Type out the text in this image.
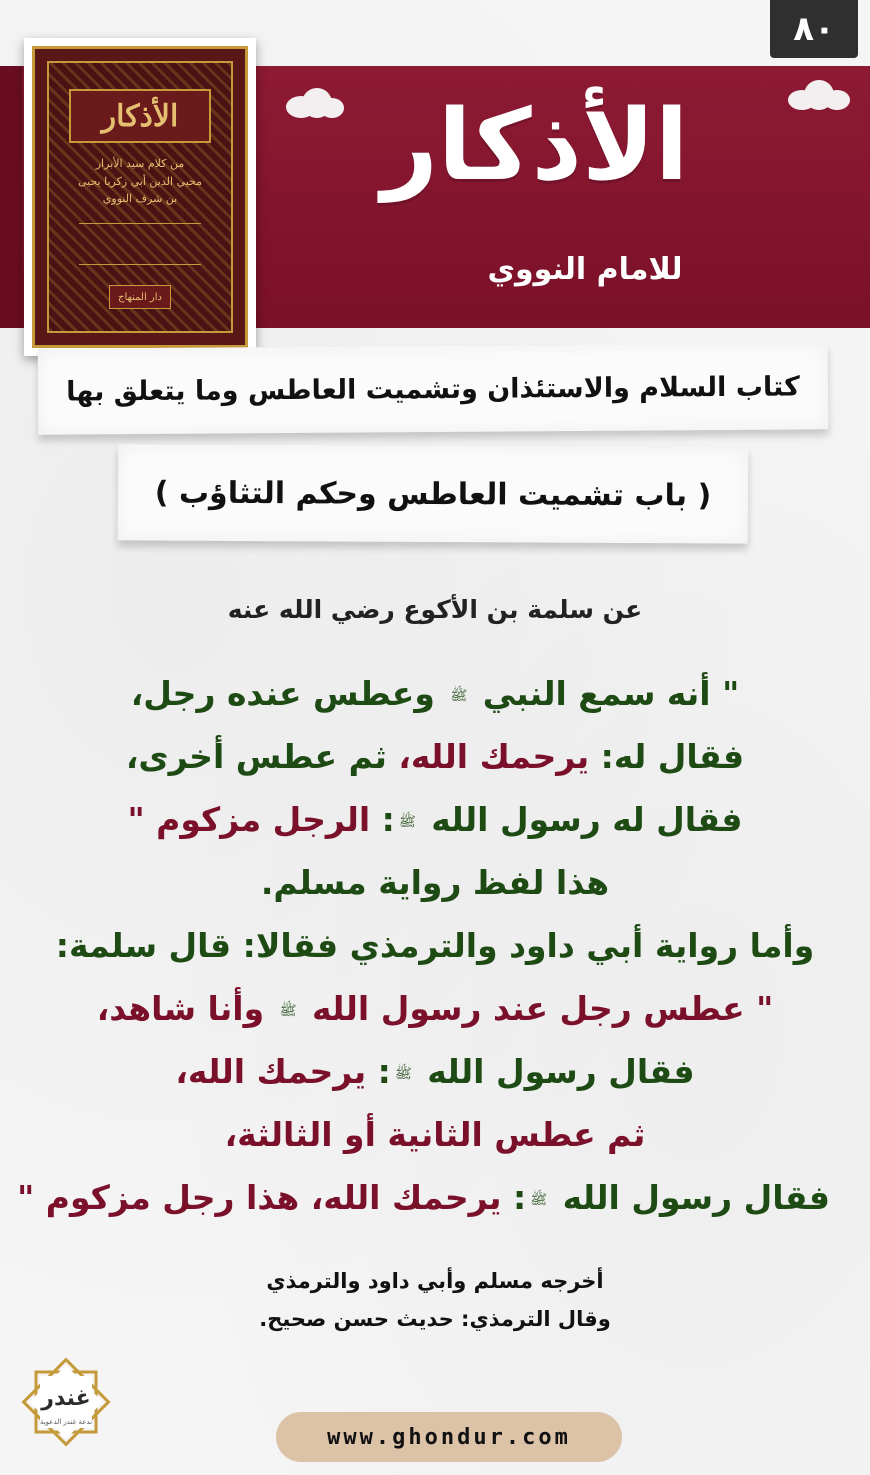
٨٠
الأذكار
من كلام سيد الأبرار
محيي الدين أبي زكريا يحيى بن شرف النووي
دار المنهاج
الأذكار
للامام النووي
كتاب السلام والاستئذان وتشميت العاطس وما يتعلق بها
( باب تشميت العاطس وحكم التثاؤب )
عن سلمة بن الأكوع رضي الله عنه
" أنه سمع النبي ﷺ وعطس عنده رجل،
فقال له: يرحمك الله، ثم عطس أخرى،
فقال له رسول الله ﷺ: الرجل مزكوم "
هذا لفظ رواية مسلم.
وأما رواية أبي داود والترمذي فقالا: قال سلمة:
" عطس رجل عند رسول الله ﷺ وأنا شاهد،
فقال رسول الله ﷺ: يرحمك الله،
ثم عطس الثانية أو الثالثة،
فقال رسول الله ﷺ: يرحمك الله، هذا رجل مزكوم "
أخرجه مسلم وأبي داود والترمذي
وقال الترمذي: حديث حسن صحيح.
غندر
ندعة غندر الدعوية
www.ghondur.com
